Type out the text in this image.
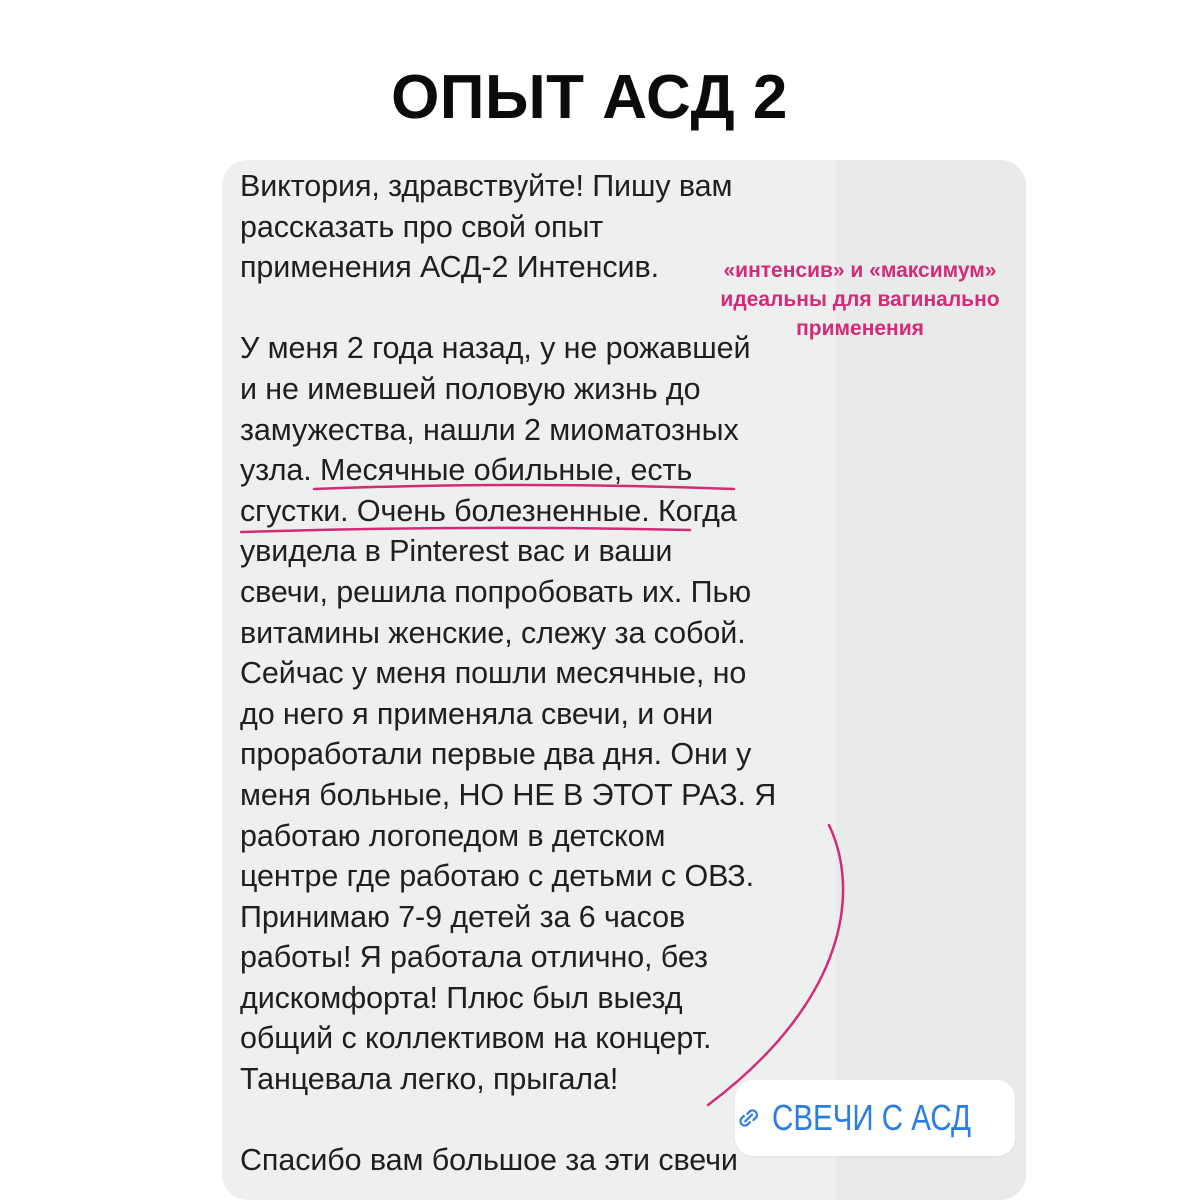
ОПЫТ АСД 2

Виктория, здравствуйте! Пишу вам

рассказать про свой опыт

применения АСД-2 Интенсив.

У меня 2 года назад, у не рожавшей

и не имевшей половую жизнь до

замужества, нашли 2 миоматозных

узла. Месячные обильные, есть

сгустки. Очень болезненные. Когда

увидела в Pinterest вас и ваши

свечи, решила попробовать их. Пью

витамины женские, слежу за собой.

Сейчас у меня пошли месячные, но

до него я применяла свечи, и они

проработали первые два дня. Они у

меня больные, НО НЕ В ЭТОТ РАЗ. Я

работаю логопедом в детском

центре где работаю с детьми с ОВЗ.

Принимаю 7-9 детей за 6 часов

работы! Я работала отлично, без

дискомфорта! Плюс был выезд

общий с коллективом на концерт.

Танцевала легко, прыгала!

Спасибо вам большое за эти свечи

«интенсив» и «максимум»
идеальны для вагинально
применения
СВЕЧИ С АСД
